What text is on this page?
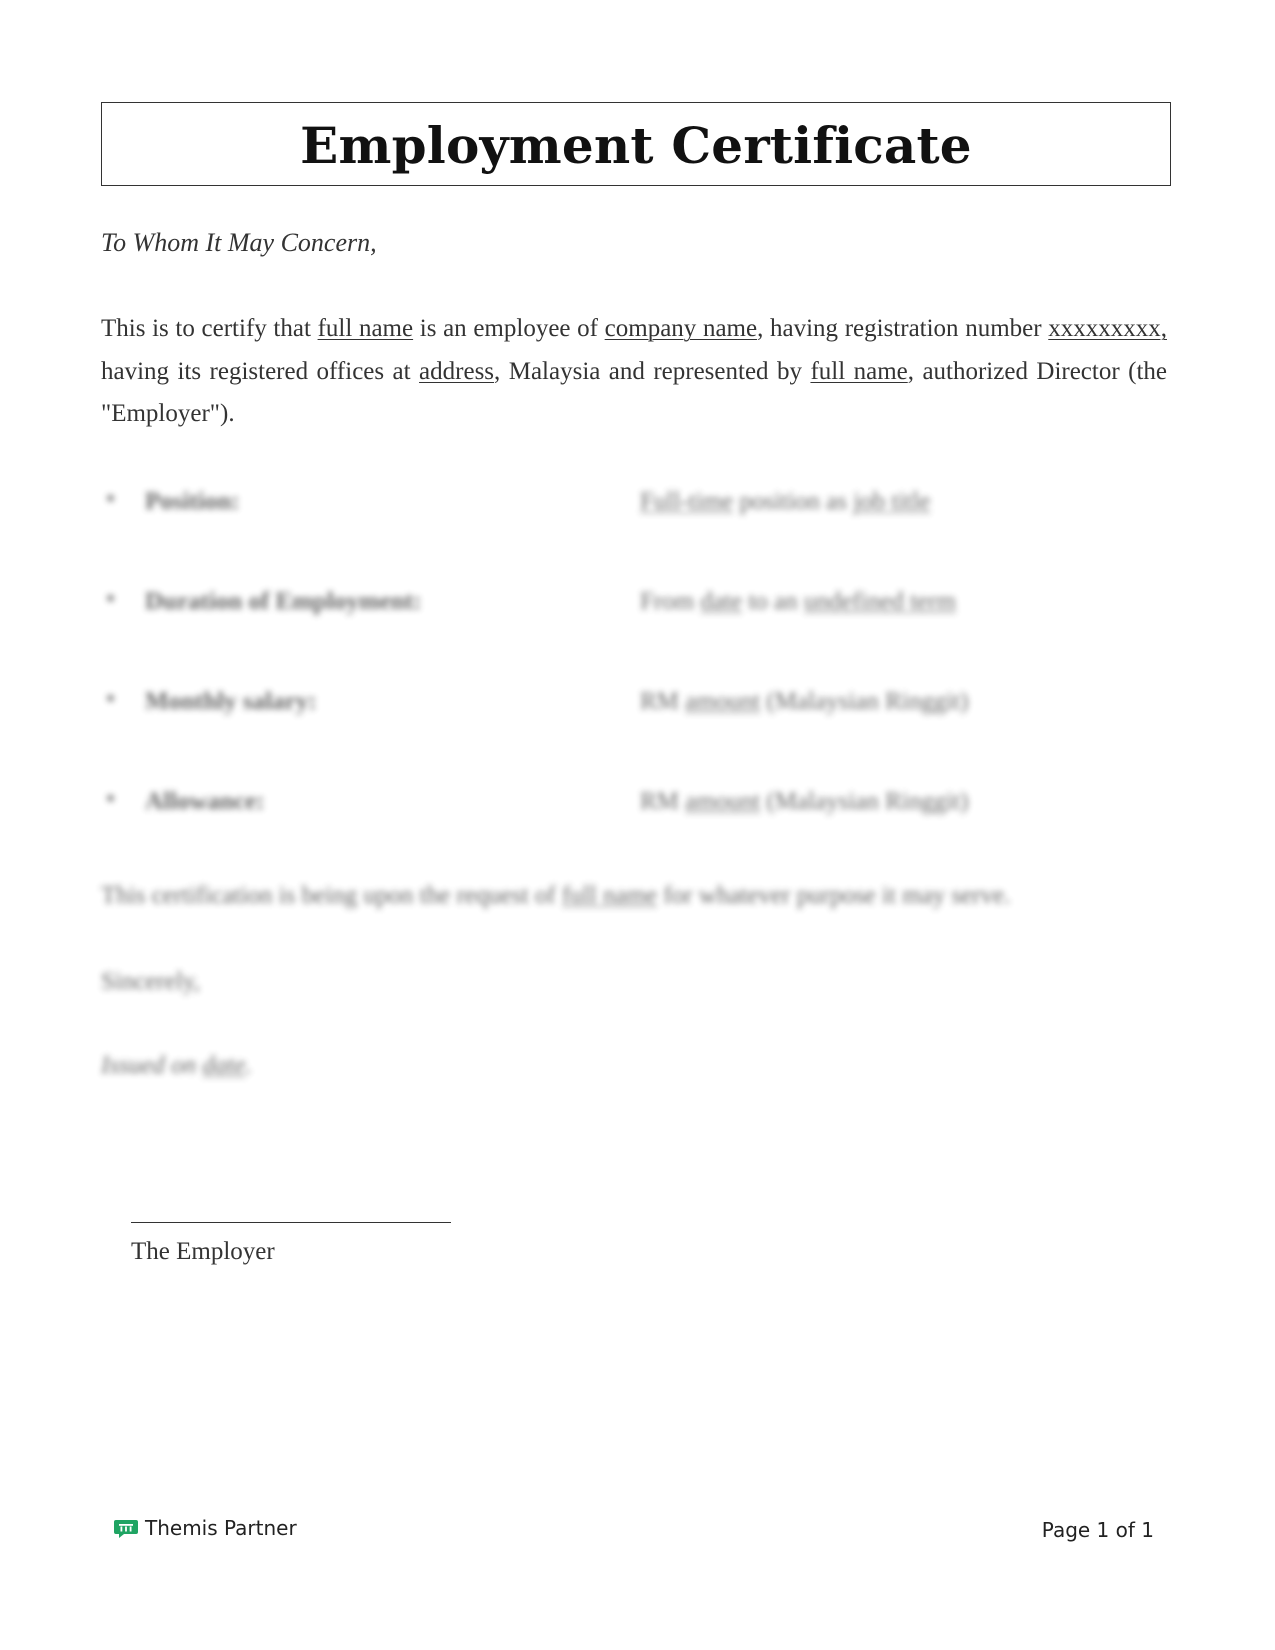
Employment Certificate
To Whom It May Concern,
This is to certify that full name is an employee of company name, having registration number xxxxxxxxx, having its registered offices at address, Malaysia and represented by full name, authorized Director (the "Employer").
• Position:	Full-time position as job title
• Duration of Employment:	From date to an undefined term
• Monthly salary:	RM amount (Malaysian Ringgit)
• Allowance:	RM amount (Malaysian Ringgit)
This certification is being upon the request of full name for whatever purpose it may serve.
Sincerely,
Issued on date.
The Employer
Themis Partner	Page 1 of 1
